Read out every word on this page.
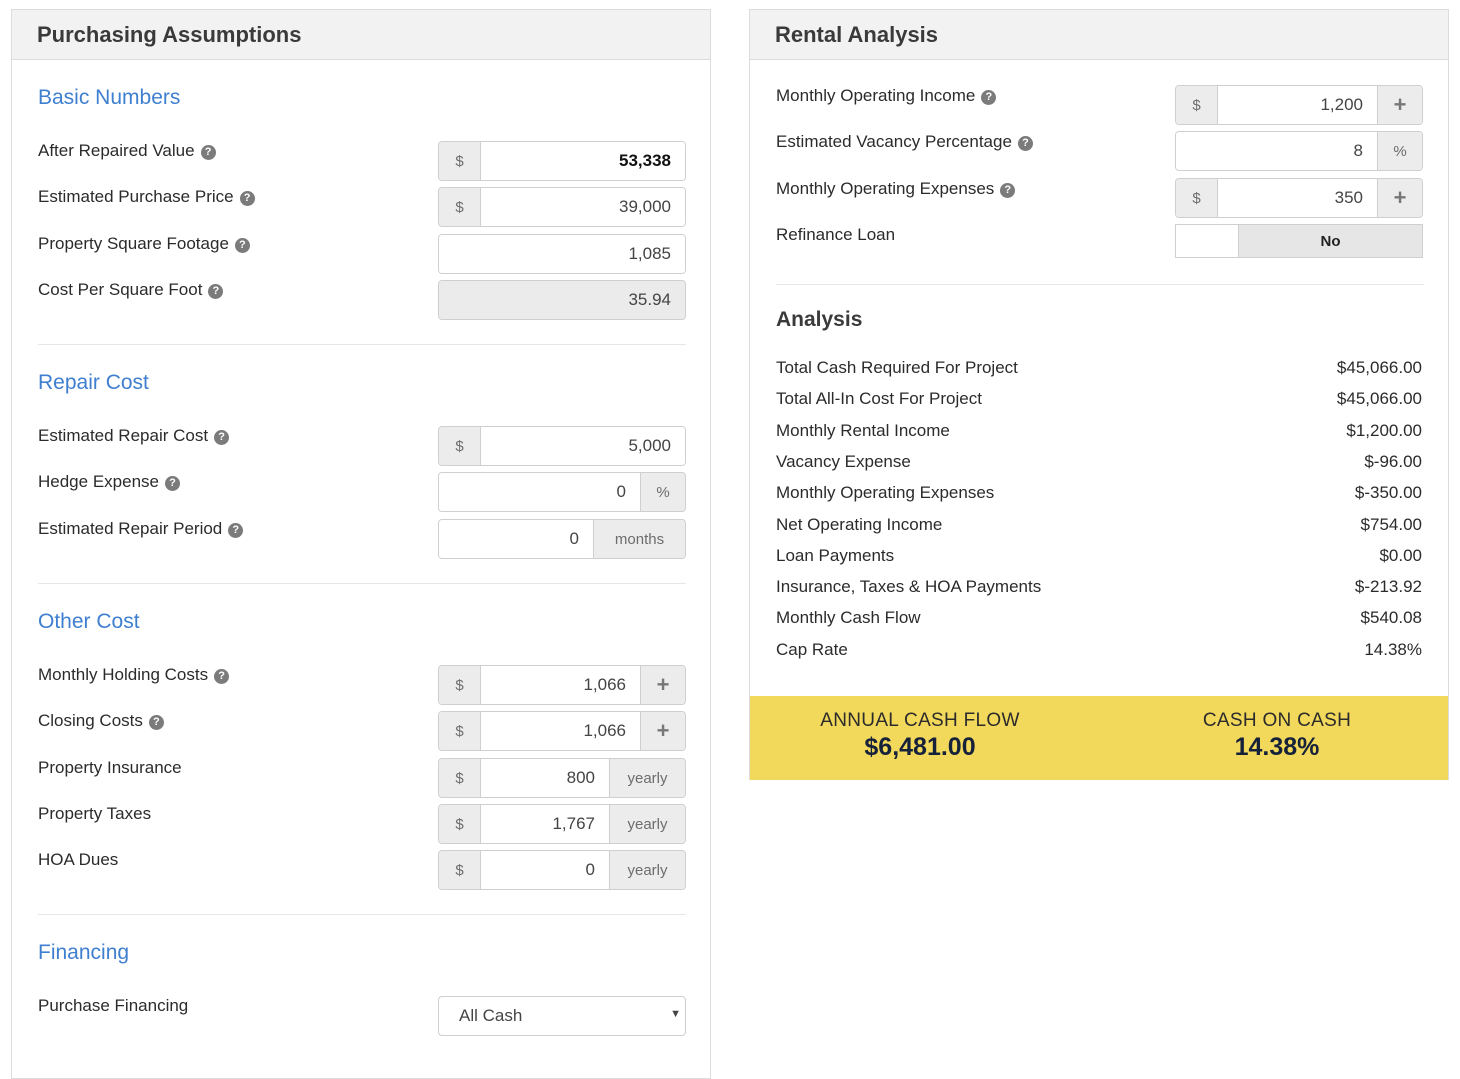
Purchasing Assumptions
Basic Numbers
After Repaired Value ?
$	53,338
Estimated Purchase Price ?
$	39,000
Property Square Footage ?	1,085
Cost Per Square Foot ?	35.94
Repair Cost
Estimated Repair Cost ?
$	5,000
Hedge Expense ?	0	%
Estimated Repair Period ?	0	months
Other Cost
Monthly Holding Costs ?
$	1,066	+
Closing Costs ?
$	1,066	+
Property Insurance
$	800	yearly
Property Taxes
$	1,767	yearly
HOA Dues
$	0	yearly
Financing
Purchase Financing
All Cash	▼
Rental Analysis
Monthly Operating Income ?	$	1,200	+
Estimated Vacancy Percentage ?	8	%
Monthly Operating Expenses ?	$	350	+
Refinance Loan	No
Analysis
Total Cash Required For Project	$45,066.00
Total All-In Cost For Project	$45,066.00
Monthly Rental Income	$1,200.00
Vacancy Expense	$-96.00
Monthly Operating Expenses	$-350.00
Net Operating Income	$754.00
Loan Payments	$0.00
Insurance, Taxes & HOA Payments	$-213.92
Monthly Cash Flow	$540.08
Cap Rate	14.38%
ANNUAL CASH FLOW
$6,481.00
CASH ON CASH
14.38%
